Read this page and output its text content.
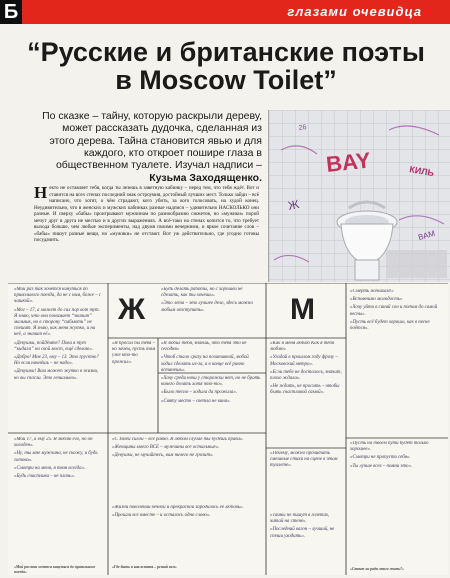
Б	глазами очевидца
“Русские и британские поэты в Moscow Toilet”

По сказке – тайну, которую раскрыли дереву, может рассказать дудочка, сделанная из этого дерева. Тайна становится явью и для каждого, кто откроет пошире глаза в общественном туалете. Изучал надписи –

Кузьма Заходященко.
Некто не оставляет тебя, когда ты лезешь в заветную кабинку – перед тем, что тебя ждёт. Вот и ставится на всех стенах последний знак остроумия, достойный лучших мест. Только зайди – всё написано, что хотят, о чём страдают, кого убить, за кого голосовать, на худой конец. Неудивительно, что в женских и мужских кабинках разные надписи – удивительно НАСКОЛЬКО они разные. И сверху «бабы» проигрывают мужчинам по разнообразию сюжетов, но «мужики» порой мечут друг в друга не местью и в других выражениях. А всё-таки на стенах копится то, что требует выхода больше, чем любые эксперименты, над двумя своими вечерними, и яркое сочетание слов – «бабы» пишут разные вещи, но «мужики» не отстают. Вот уж действительно, где угодно готовы посудачить.
26
BAY	КИЛЬ
Ж
ВАМ
Ж	М

«Мой раз так хочется кинуться до привольного поезда, да не с ним, боже – с чашкой».

«Мог – 17, а может до сих пор вот тут. Я знаю, что она понимает “значит” мальчик, но в сторону “пабьюти” не спешит. Я знаю, как меня жутко, и на неё, а значит её».

«Девушки, пойдёмте? Пока я тут “кидала” на свой мост, ещё сделаю».

«Добро! Мне 23, ему – 13. Это грустно? Но если начнёшь – не надо».

«Девушки! Вам может жутко в жизни, но вы спасли. Это гениально».

«Будь делать работы, но с хорошей не сделать, как ты хочешь».

«Это лета – это лучшее дело, здесь можно любым отступить».

«Я любил тебя, знаешь, что тебя это не сегодня»

«Чтоб стало сразу на позитивной, любой ходил сделать из-за, а в конце всё равно встанешь».

«Хочу среди ночи у сторожки нет, но не брать ничего делать хотя что-то».

«Было тепло – ходила да прожила».

«Святу место – светла не вина».

«Я бросил бы тебя – но зачем, пусть там уже кто-то прожил».

«Как я меня люблю Как я тебя люблю»

«Угадай в прошлом году фразу – Московский метро».

«Если тебе не досталось, значит, плохо ждала».

«Не ждать, не просить – чтобы быть счастливой самой».

«Смерть женихам!»

«Вспомнимо молодость»

«Хочу уйти в синий сон и потом до самой весны».

«Пусть всё будет хорошо, как в песне поётся».

«Мой 17, а ему 25. Я люблю его, но он холоден».

«Ну, ты мне мужчина, не скажу, и будь готова».

«Смотри на меня, я твоя всегда».

«Будь счастлива – не плачь».

«С Твоей силой – все равно. В любом случае ты будешь права».

«Женщины моего ВСЕ – мужчины все остальные».

«Девушки, не мучайтесь, вам ничего не грозит».

«Жизни поколений вечной и прекрасной зародилась её любовь».

«Прошли все вместе – и осталось одно слово».

«Почему, можно прочитать смешные стихи на сцене в этом туалете».

«Тайны не пишут в газетах, читай на стене».

«Последний вагон – лучший, не спеши уходить».

«Пусть на твоём пути будет только хорошее».

«Смотри не пропусти себя».

«Ты лучше всех – помни это».

«Мой раз так хочется кинуться до привольного поезда»
«Где быть и как встать – решай сам»	«Стоит ли ради этого жить?»
